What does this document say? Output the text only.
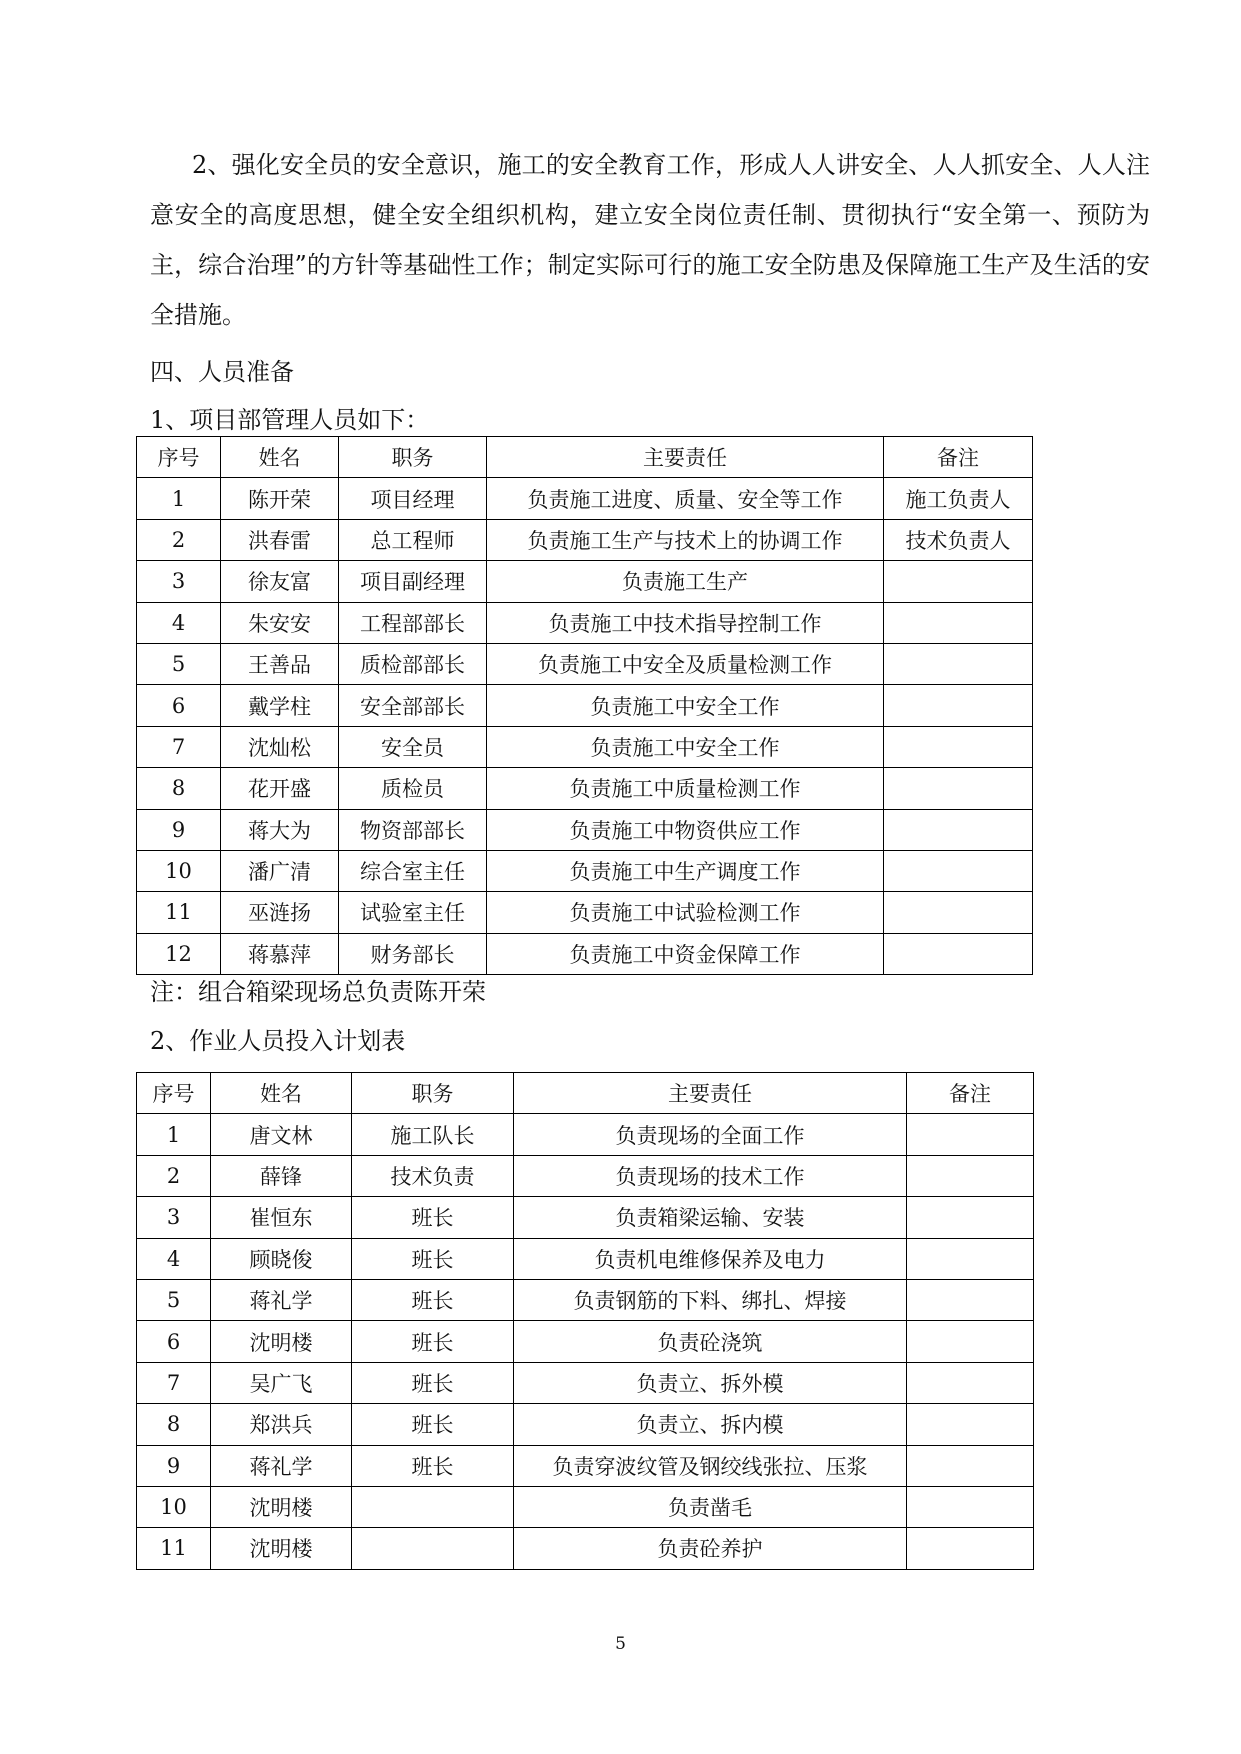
2、强化安全员的安全意识，施工的安全教育工作，形成人人讲安全、人人抓安全、人人注意安全的高度思想，健全安全组织机构，建立安全岗位责任制、贯彻执行“安全第一、预防为主，综合治理”的方针等基础性工作；制定实际可行的施工安全防患及保障施工生产及生活的安全措施。

四、人员准备

1、项目部管理人员如下：

序号	姓名	职务	主要责任	备注
1	陈开荣	项目经理	负责施工进度、质量、安全等工作	施工负责人
2	洪春雷	总工程师	负责施工生产与技术上的协调工作	技术负责人
3	徐友富	项目副经理	负责施工生产	
4	朱安安	工程部部长	负责施工中技术指导控制工作	
5	王善品	质检部部长	负责施工中安全及质量检测工作	
6	戴学柱	安全部部长	负责施工中安全工作	
7	沈灿松	安全员	负责施工中安全工作	
8	花开盛	质检员	负责施工中质量检测工作	
9	蒋大为	物资部部长	负责施工中物资供应工作	
10	潘广清	综合室主任	负责施工中生产调度工作	
11	巫涟扬	试验室主任	负责施工中试验检测工作	
12	蒋慕萍	财务部长	负责施工中资金保障工作	

注：组合箱梁现场总负责陈开荣

2、作业人员投入计划表

序号	姓名	职务	主要责任	备注
1	唐文林	施工队长	负责现场的全面工作	
2	薛锋	技术负责	负责现场的技术工作	
3	崔恒东	班长	负责箱梁运输、安装	
4	顾晓俊	班长	负责机电维修保养及电力	
5	蒋礼学	班长	负责钢筋的下料、绑扎、焊接	
6	沈明楼	班长	负责砼浇筑	
7	吴广飞	班长	负责立、拆外模	
8	郑洪兵	班长	负责立、拆内模	
9	蒋礼学	班长	负责穿波纹管及钢绞线张拉、压浆	
10	沈明楼		负责凿毛	
11	沈明楼		负责砼养护	
5
